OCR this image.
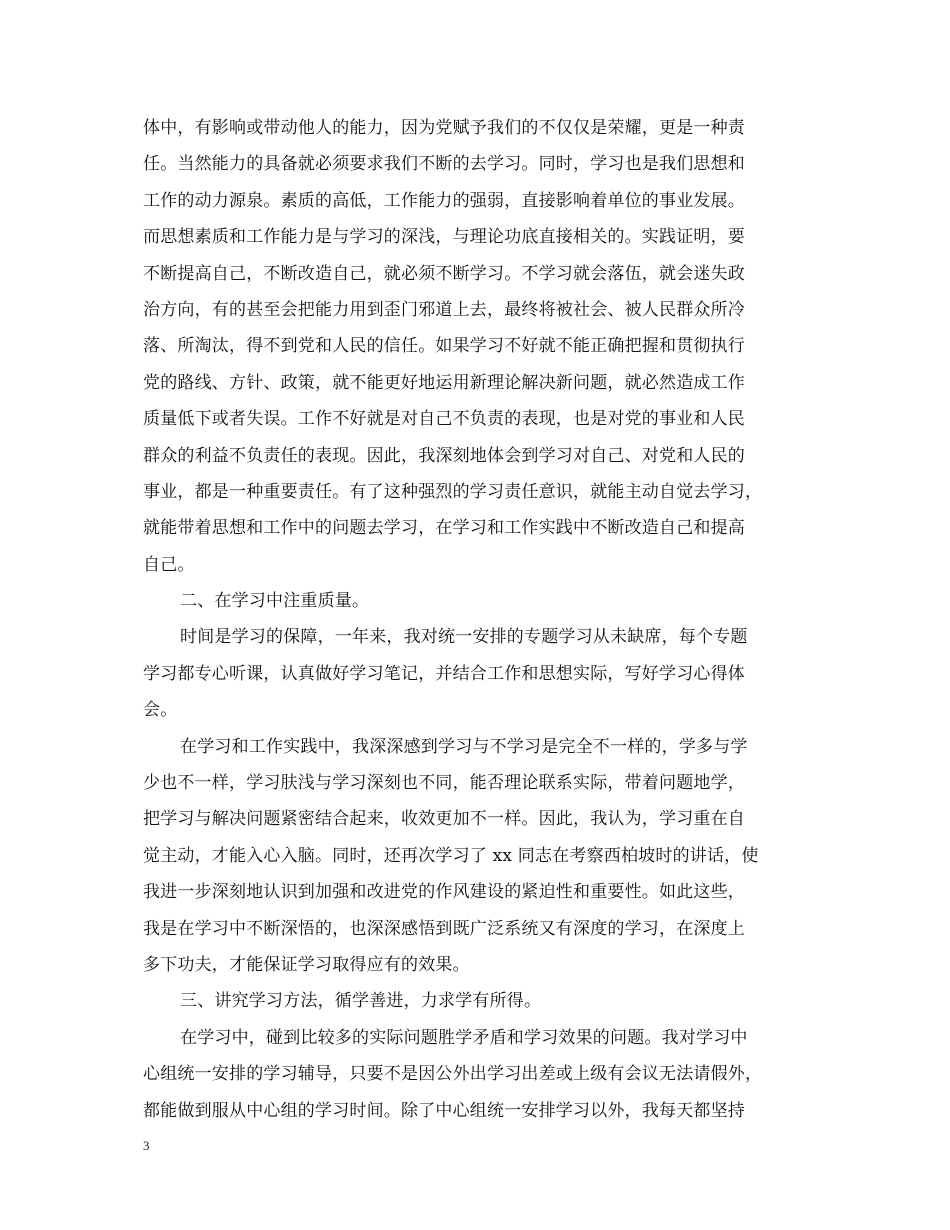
体中，有影响或带动他人的能力，因为党赋予我们的不仅仅是荣耀，更是一种责
任。当然能力的具备就必须要求我们不断的去学习。同时，学习也是我们思想和
工作的动力源泉。素质的高低，工作能力的强弱，直接影响着单位的事业发展。
而思想素质和工作能力是与学习的深浅，与理论功底直接相关的。实践证明，要
不断提高自己，不断改造自己，就必须不断学习。不学习就会落伍，就会迷失政
治方向，有的甚至会把能力用到歪门邪道上去，最终将被社会、被人民群众所冷
落、所淘汰，得不到党和人民的信任。如果学习不好就不能正确把握和贯彻执行
党的路线、方针、政策，就不能更好地运用新理论解决新问题，就必然造成工作
质量低下或者失误。工作不好就是对自己不负责的表现，也是对党的事业和人民
群众的利益不负责任的表现。因此，我深刻地体会到学习对自己、对党和人民的
事业，都是一种重要责任。有了这种强烈的学习责任意识，就能主动自觉去学习，
就能带着思想和工作中的问题去学习，在学习和工作实践中不断改造自己和提高
自己。
二、在学习中注重质量。
时间是学习的保障，一年来，我对统一安排的专题学习从未缺席，每个专题
学习都专心听课，认真做好学习笔记，并结合工作和思想实际，写好学习心得体
会。
在学习和工作实践中，我深深感到学习与不学习是完全不一样的，学多与学
少也不一样，学习肤浅与学习深刻也不同，能否理论联系实际，带着问题地学，
把学习与解决问题紧密结合起来，收效更加不一样。因此，我认为，学习重在自
觉主动，才能入心入脑。同时，还再次学习了 xx 同志在考察西柏坡时的讲话，使
我进一步深刻地认识到加强和改进党的作风建设的紧迫性和重要性。如此这些，
我是在学习中不断深悟的，也深深感悟到既广泛系统又有深度的学习，在深度上
多下功夫，才能保证学习取得应有的效果。
三、讲究学习方法，循学善进，力求学有所得。
在学习中，碰到比较多的实际问题胜学矛盾和学习效果的问题。我对学习中
心组统一安排的学习辅导，只要不是因公外出学习出差或上级有会议无法请假外，
都能做到服从中心组的学习时间。除了中心组统一安排学习以外，我每天都坚持
3
